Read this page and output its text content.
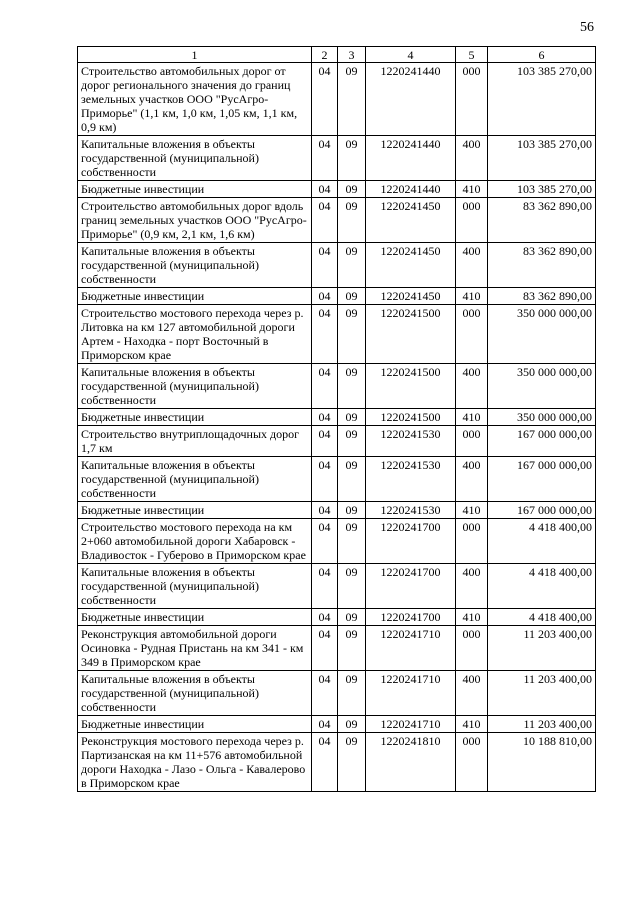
56
1	2	3	4	5	6
Строительство автомобильных дорог от дорог регионального значения до границ земельных участков ООО "РусАгро-Приморье" (1,1 км, 1,0 км, 1,05 км, 1,1 км, 0,9 км)	04	09	1220241440	000	103 385 270,00
Капитальные вложения в объекты государственной (муниципальной) собственности	04	09	1220241440	400	103 385 270,00
Бюджетные инвестиции	04	09	1220241440	410	103 385 270,00
Строительство автомобильных дорог вдоль границ земельных участков ООО "РусАгро-Приморье" (0,9 км, 2,1 км, 1,6 км)	04	09	1220241450	000	83 362 890,00
Капитальные вложения в объекты государственной (муниципальной) собственности	04	09	1220241450	400	83 362 890,00
Бюджетные инвестиции	04	09	1220241450	410	83 362 890,00
Строительство мостового перехода через р. Литовка на км 127 автомобильной дороги Артем - Находка - порт Восточный в Приморском крае	04	09	1220241500	000	350 000 000,00
Капитальные вложения в объекты государственной (муниципальной) собственности	04	09	1220241500	400	350 000 000,00
Бюджетные инвестиции	04	09	1220241500	410	350 000 000,00
Строительство внутриплощадочных дорог 1,7 км	04	09	1220241530	000	167 000 000,00
Капитальные вложения в объекты государственной (муниципальной) собственности	04	09	1220241530	400	167 000 000,00
Бюджетные инвестиции	04	09	1220241530	410	167 000 000,00
Строительство мостового перехода на км 2+060 автомобильной дороги Хабаровск - Владивосток - Губерово в Приморском крае	04	09	1220241700	000	4 418 400,00
Капитальные вложения в объекты государственной (муниципальной) собственности	04	09	1220241700	400	4 418 400,00
Бюджетные инвестиции	04	09	1220241700	410	4 418 400,00
Реконструкция автомобильной дороги Осиновка - Рудная Пристань на км 341 - км 349 в Приморском крае	04	09	1220241710	000	11 203 400,00
Капитальные вложения в объекты государственной (муниципальной) собственности	04	09	1220241710	400	11 203 400,00
Бюджетные инвестиции	04	09	1220241710	410	11 203 400,00
Реконструкция мостового перехода через р. Партизанская на км 11+576 автомобильной дороги Находка - Лазо - Ольга - Кавалерово в Приморском крае	04	09	1220241810	000	10 188 810,00
